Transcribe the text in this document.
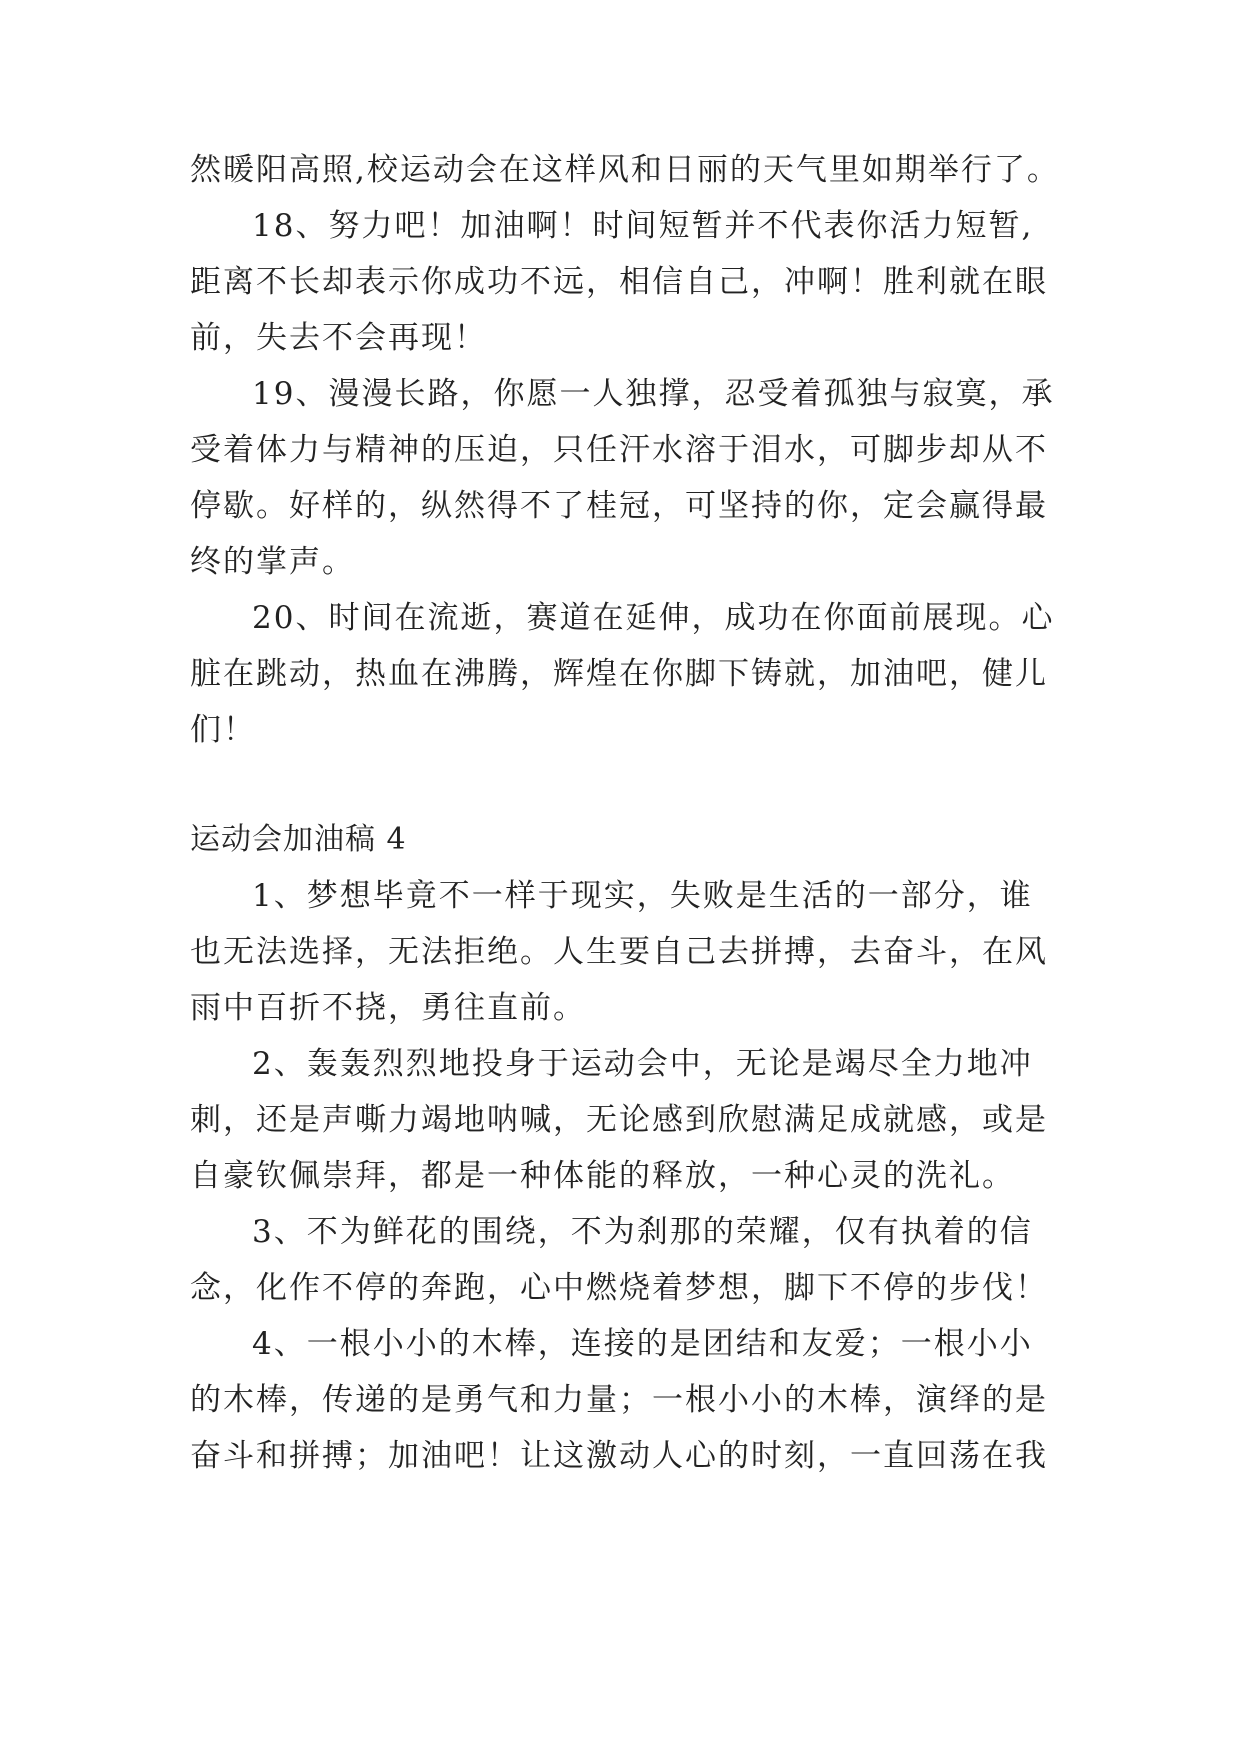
然暖阳高照,校运动会在这样风和日丽的天气里如期举行了。
18、努力吧！加油啊！时间短暂并不代表你活力短暂,
距离不长却表示你成功不远，相信自己，冲啊！胜利就在眼
前，失去不会再现！
19、漫漫长路，你愿一人独撑，忍受着孤独与寂寞，承
受着体力与精神的压迫，只任汗水溶于泪水，可脚步却从不
停歇。好样的，纵然得不了桂冠，可坚持的你，定会赢得最
终的掌声。
20、时间在流逝，赛道在延伸，成功在你面前展现。心
脏在跳动，热血在沸腾，辉煌在你脚下铸就，加油吧，健儿
们！
运动会加油稿 4
1、梦想毕竟不一样于现实，失败是生活的一部分，谁
也无法选择，无法拒绝。人生要自己去拼搏，去奋斗，在风
雨中百折不挠，勇往直前。
2、轰轰烈烈地投身于运动会中，无论是竭尽全力地冲
刺，还是声嘶力竭地呐喊，无论感到欣慰满足成就感，或是
自豪钦佩崇拜，都是一种体能的释放，一种心灵的洗礼。
3、不为鲜花的围绕，不为刹那的荣耀，仅有执着的信
念，化作不停的奔跑，心中燃烧着梦想，脚下不停的步伐！
4、一根小小的木棒，连接的是团结和友爱；一根小小
的木棒，传递的是勇气和力量；一根小小的木棒，演绎的是
奋斗和拼搏；加油吧！让这激动人心的时刻，一直回荡在我
